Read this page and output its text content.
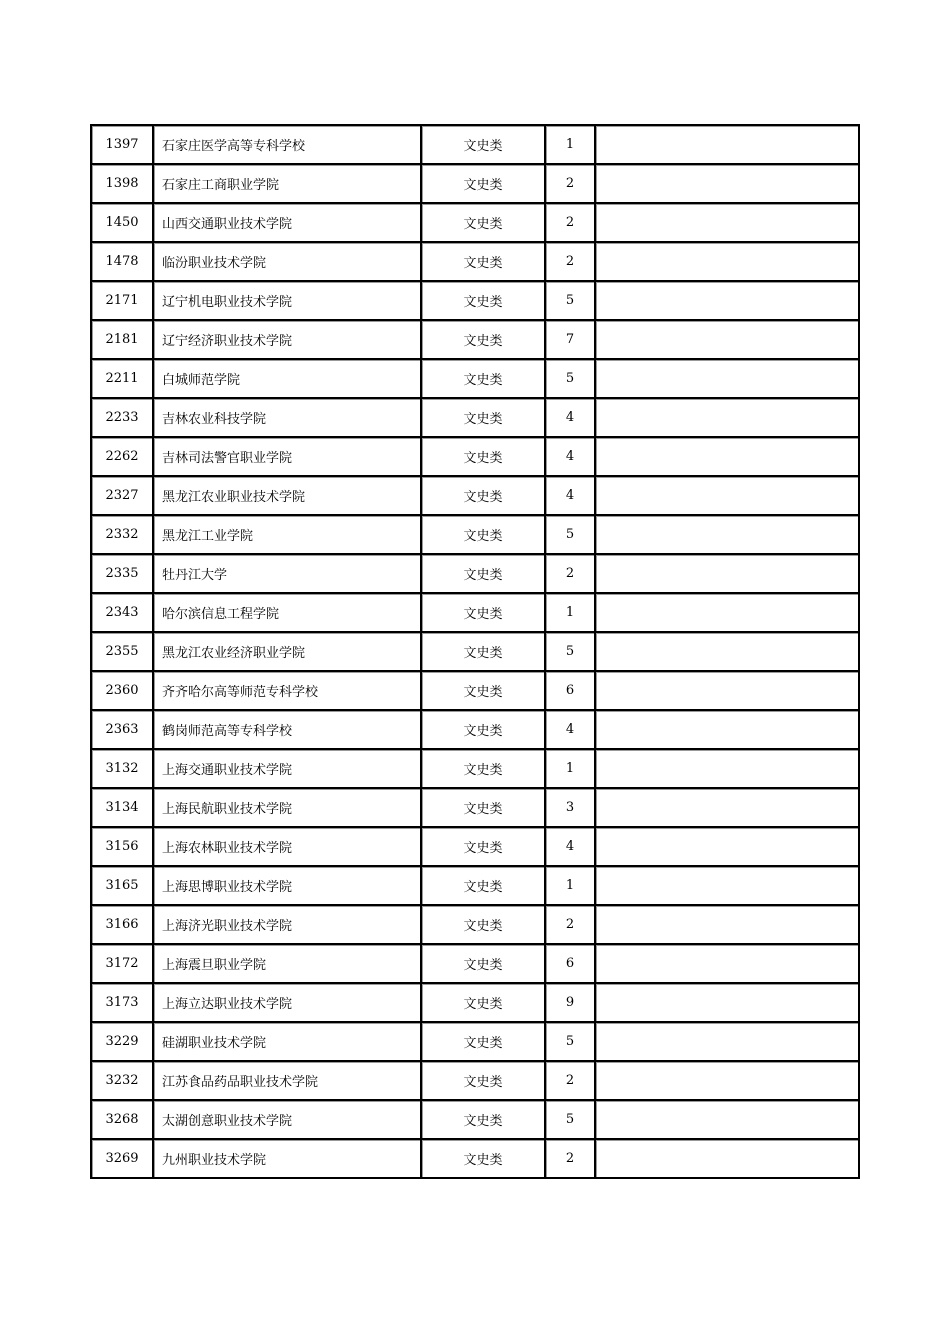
1397	石家庄医学高等专科学校	文史类	1	
1398	石家庄工商职业学院	文史类	2	
1450	山西交通职业技术学院	文史类	2	
1478	临汾职业技术学院	文史类	2	
2171	辽宁机电职业技术学院	文史类	5	
2181	辽宁经济职业技术学院	文史类	7	
2211	白城师范学院	文史类	5	
2233	吉林农业科技学院	文史类	4	
2262	吉林司法警官职业学院	文史类	4	
2327	黑龙江农业职业技术学院	文史类	4	
2332	黑龙江工业学院	文史类	5	
2335	牡丹江大学	文史类	2	
2343	哈尔滨信息工程学院	文史类	1	
2355	黑龙江农业经济职业学院	文史类	5	
2360	齐齐哈尔高等师范专科学校	文史类	6	
2363	鹤岗师范高等专科学校	文史类	4	
3132	上海交通职业技术学院	文史类	1	
3134	上海民航职业技术学院	文史类	3	
3156	上海农林职业技术学院	文史类	4	
3165	上海思博职业技术学院	文史类	1	
3166	上海济光职业技术学院	文史类	2	
3172	上海震旦职业学院	文史类	6	
3173	上海立达职业技术学院	文史类	9	
3229	硅湖职业技术学院	文史类	5	
3232	江苏食品药品职业技术学院	文史类	2	
3268	太湖创意职业技术学院	文史类	5	
3269	九州职业技术学院	文史类	2	
